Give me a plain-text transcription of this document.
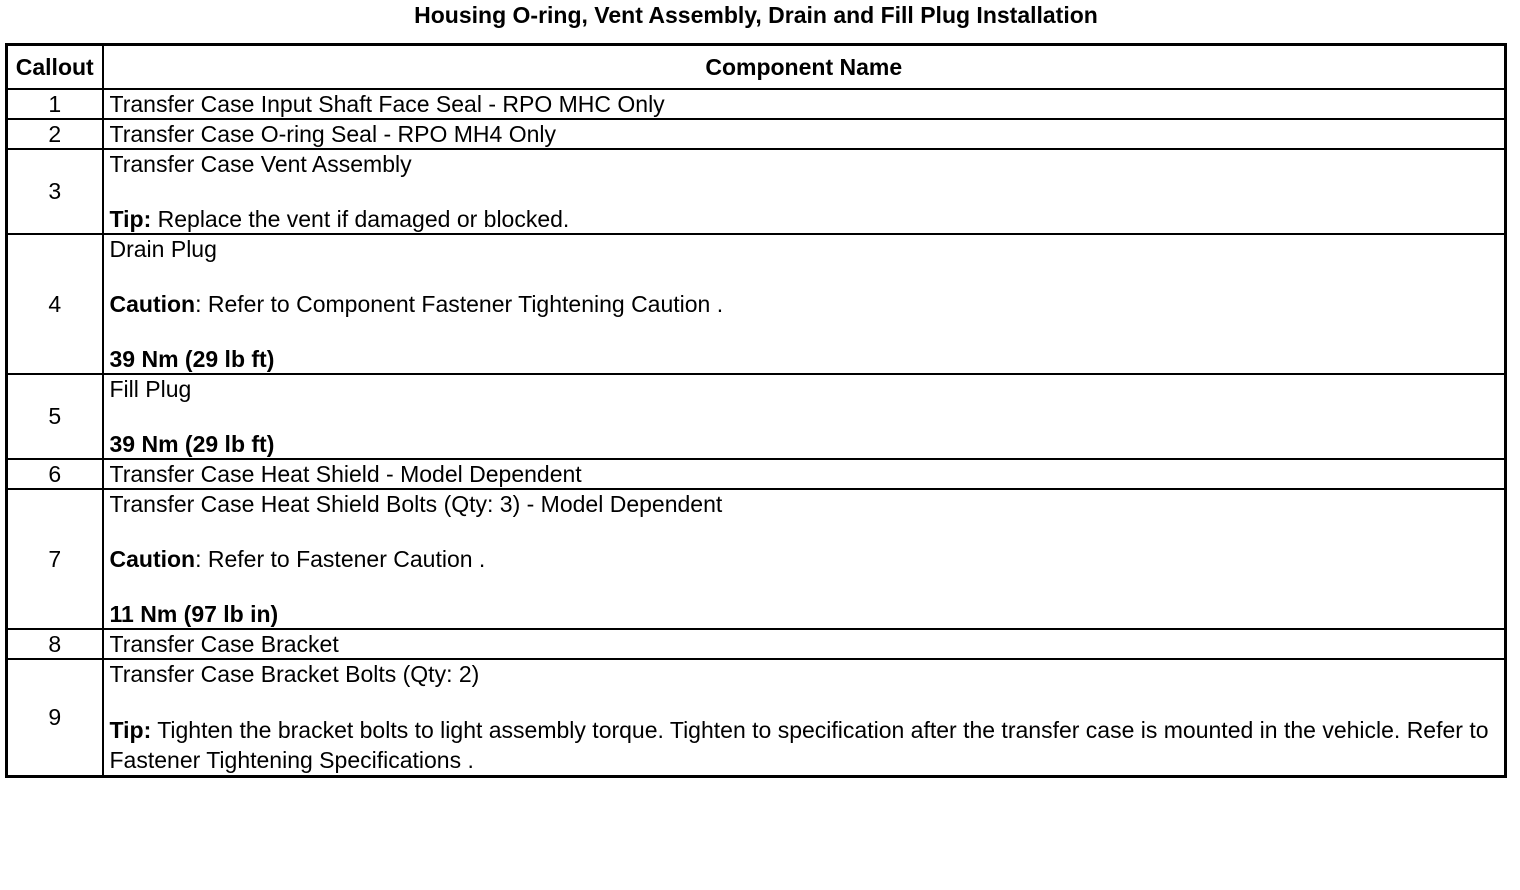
Housing O-ring, Vent Assembly, Drain and Fill Plug Installation
Callout	Component Name
1	Transfer Case Input Shaft Face Seal - RPO MHC Only

2	Transfer Case O-ring Seal - RPO MH4 Only

3	Transfer Case Vent Assembly

Tip: Replace the vent if damaged or blocked.

4	Drain Plug

Caution: Refer to Component Fastener Tightening Caution .

39 Nm (29 lb ft)

5	Fill Plug

39 Nm (29 lb ft)

6	Transfer Case Heat Shield - Model Dependent

7	Transfer Case Heat Shield Bolts (Qty: 3) - Model Dependent

Caution: Refer to Fastener Caution .

11 Nm (97 lb in)

8	Transfer Case Bracket

9	Transfer Case Bracket Bolts (Qty: 2)

Tip: Tighten the bracket bolts to light assembly torque. Tighten to specification after the transfer case is mounted in the vehicle. Refer to Fastener Tightening Specifications .
